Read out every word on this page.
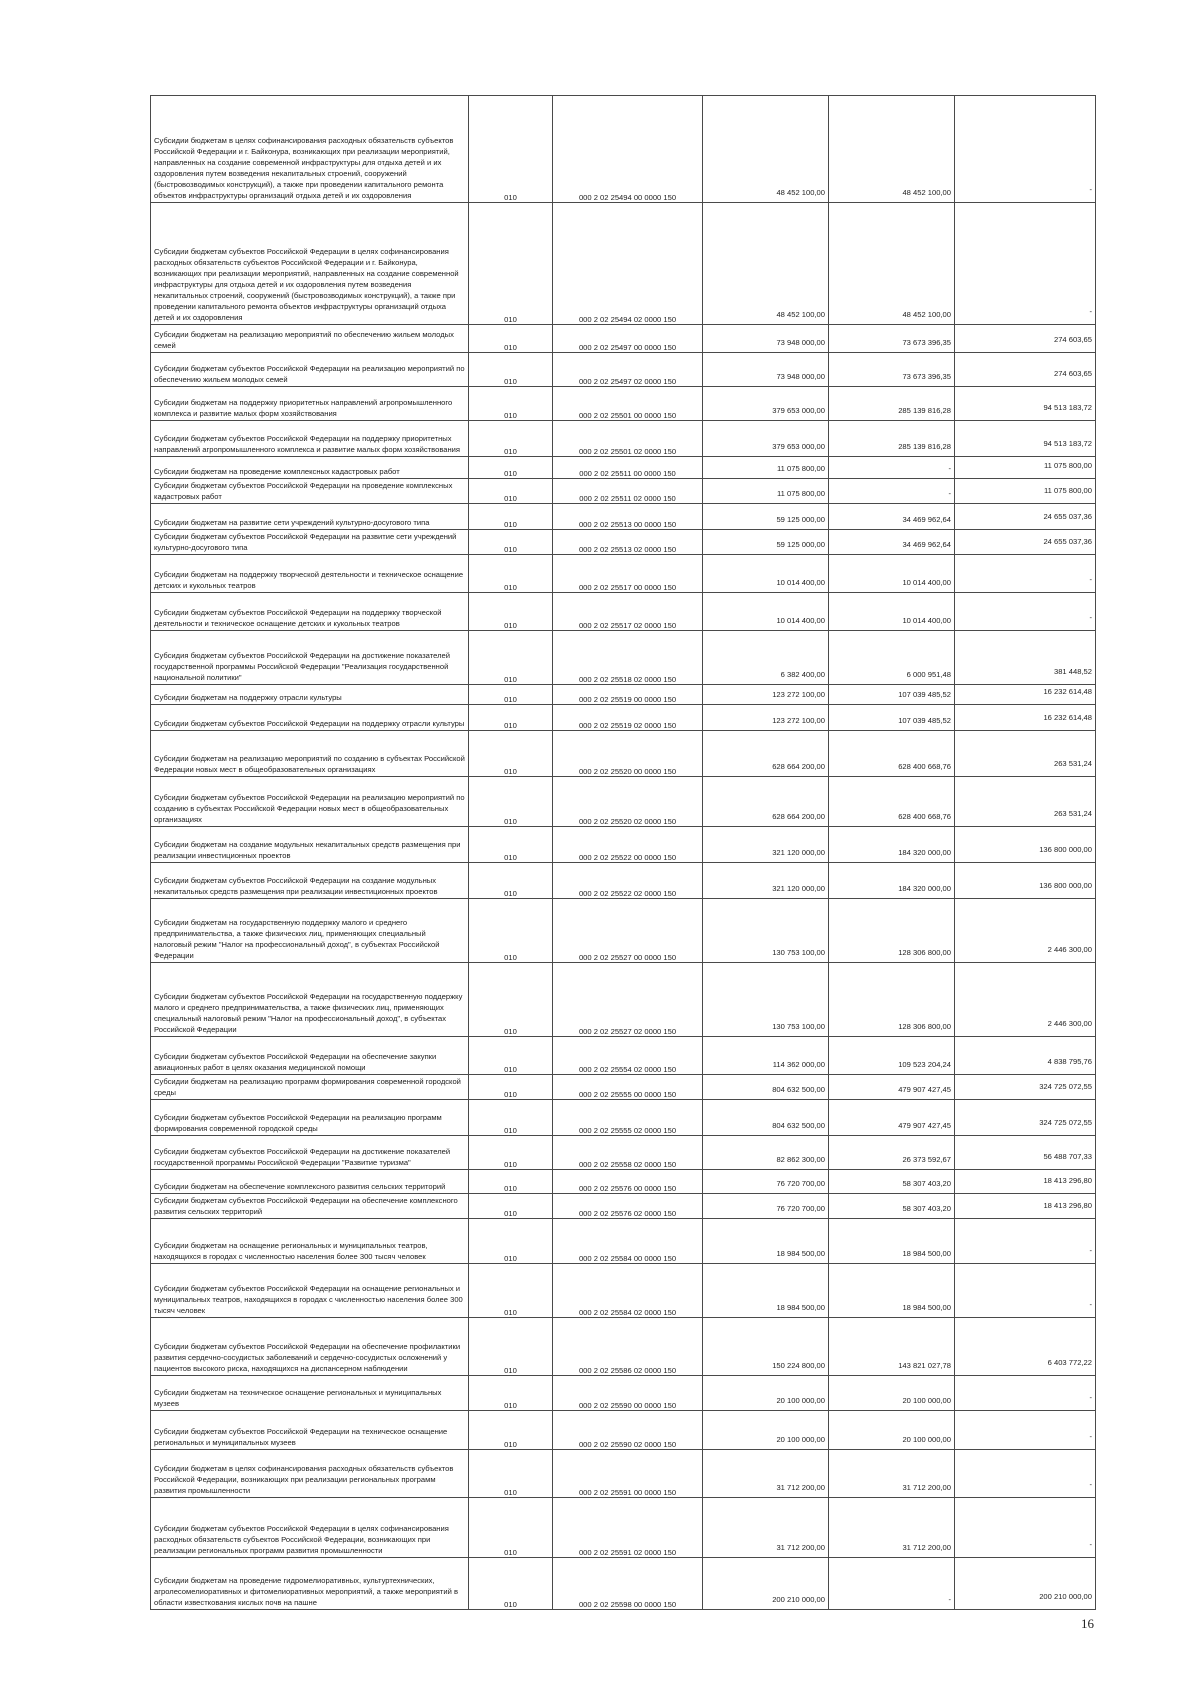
Субсидии бюджетам в целях софинансирования расходных обязательств субъектов Российской Федерации и г. Байконура, возникающих при реализации мероприятий, направленных на создание современной инфраструктуры для отдыха детей и их оздоровления путем возведения некапитальных строений, сооружений (быстровозводимых конструкций), а также при проведении капитального ремонта объектов инфраструктуры организаций отдыха детей и их оздоровления	010	000 2 02 25494 00 0000 150	48 452 100,00	48 452 100,00	-

Субсидии бюджетам субъектов Российской Федерации в целях софинансирования расходных обязательств субъектов Российской Федерации и г. Байконура, возникающих при реализации мероприятий, направленных на создание современной инфраструктуры для отдыха детей и их оздоровления путем возведения некапитальных строений, сооружений (быстровозводимых конструкций), а также при проведении капитального ремонта объектов инфраструктуры организаций отдыха детей и их оздоровления	010	000 2 02 25494 02 0000 150	48 452 100,00	48 452 100,00	-

Субсидии бюджетам на реализацию мероприятий по обеспечению жильем молодых семей	010	000 2 02 25497 00 0000 150	73 948 000,00	73 673 396,35	274 603,65

Субсидии бюджетам субъектов Российской Федерации на реализацию мероприятий по обеспечению жильем молодых семей	010	000 2 02 25497 02 0000 150	73 948 000,00	73 673 396,35	274 603,65

Субсидии бюджетам на поддержку приоритетных направлений агропромышленного комплекса и развитие малых форм хозяйствования	010	000 2 02 25501 00 0000 150	379 653 000,00	285 139 816,28	94 513 183,72

Субсидии бюджетам субъектов Российской Федерации на поддержку приоритетных направлений агропромышленного комплекса и развитие малых форм хозяйствования	010	000 2 02 25501 02 0000 150	379 653 000,00	285 139 816,28	94 513 183,72

Субсидии бюджетам на проведение комплексных кадастровых работ	010	000 2 02 25511 00 0000 150	11 075 800,00	-	11 075 800,00

Субсидии бюджетам субъектов Российской Федерации на проведение комплексных кадастровых работ	010	000 2 02 25511 02 0000 150	11 075 800,00	-	11 075 800,00

Субсидии бюджетам на развитие сети учреждений культурно-досугового типа	010	000 2 02 25513 00 0000 150	59 125 000,00	34 469 962,64	24 655 037,36

Субсидии бюджетам субъектов Российской Федерации на развитие сети учреждений культурно-досугового типа	010	000 2 02 25513 02 0000 150	59 125 000,00	34 469 962,64	24 655 037,36

Субсидии бюджетам на поддержку творческой деятельности и техническое оснащение детских и кукольных театров	010	000 2 02 25517 00 0000 150	10 014 400,00	10 014 400,00	-

Субсидии бюджетам субъектов Российской Федерации на поддержку творческой деятельности и техническое оснащение детских и кукольных театров	010	000 2 02 25517 02 0000 150	10 014 400,00	10 014 400,00	-

Субсидия бюджетам субъектов Российской Федерации на достижение показателей государственной программы Российской Федерации "Реализация государственной национальной политики"	010	000 2 02 25518 02 0000 150	6 382 400,00	6 000 951,48	381 448,52

Субсидии бюджетам на поддержку отрасли культуры	010	000 2 02 25519 00 0000 150	123 272 100,00	107 039 485,52	16 232 614,48

Субсидии бюджетам субъектов Российской Федерации на поддержку отрасли культуры	010	000 2 02 25519 02 0000 150	123 272 100,00	107 039 485,52	16 232 614,48

Субсидии бюджетам на реализацию мероприятий по созданию в субъектах Российской Федерации новых мест в общеобразовательных организациях	010	000 2 02 25520 00 0000 150	628 664 200,00	628 400 668,76	263 531,24

Субсидии бюджетам субъектов Российской Федерации на реализацию мероприятий по созданию в субъектах Российской Федерации новых мест в общеобразовательных организациях	010	000 2 02 25520 02 0000 150	628 664 200,00	628 400 668,76	263 531,24

Субсидии бюджетам на создание модульных некапитальных средств размещения при реализации инвестиционных проектов	010	000 2 02 25522 00 0000 150	321 120 000,00	184 320 000,00	136 800 000,00

Субсидии бюджетам субъектов Российской Федерации на создание модульных некапитальных средств размещения при реализации инвестиционных проектов	010	000 2 02 25522 02 0000 150	321 120 000,00	184 320 000,00	136 800 000,00

Субсидии бюджетам на государственную поддержку малого и среднего предпринимательства, а также физических лиц, применяющих специальный налоговый режим "Налог на профессиональный доход", в субъектах Российской Федерации	010	000 2 02 25527 00 0000 150	130 753 100,00	128 306 800,00	2 446 300,00

Субсидии бюджетам субъектов Российской Федерации на государственную поддержку малого и среднего предпринимательства, а также физических лиц, применяющих специальный налоговый режим "Налог на профессиональный доход", в субъектах Российской Федерации	010	000 2 02 25527 02 0000 150	130 753 100,00	128 306 800,00	2 446 300,00

Субсидии бюджетам субъектов Российской Федерации на обеспечение закупки авиационных работ в целях оказания медицинской помощи	010	000 2 02 25554 02 0000 150	114 362 000,00	109 523 204,24	4 838 795,76

Субсидии бюджетам на реализацию программ формирования современной городской среды	010	000 2 02 25555 00 0000 150	804 632 500,00	479 907 427,45	324 725 072,55

Субсидии бюджетам субъектов Российской Федерации на реализацию программ формирования современной городской среды	010	000 2 02 25555 02 0000 150	804 632 500,00	479 907 427,45	324 725 072,55

Субсидии бюджетам субъектов Российской Федерации на достижение показателей государственной программы Российской Федерации "Развитие туризма"	010	000 2 02 25558 02 0000 150	82 862 300,00	26 373 592,67	56 488 707,33

Субсидии бюджетам на обеспечение комплексного развития сельских территорий	010	000 2 02 25576 00 0000 150	76 720 700,00	58 307 403,20	18 413 296,80

Субсидии бюджетам субъектов Российской Федерации на обеспечение комплексного развития сельских территорий	010	000 2 02 25576 02 0000 150	76 720 700,00	58 307 403,20	18 413 296,80

Субсидии бюджетам на оснащение региональных и муниципальных театров, находящихся в городах с численностью населения более 300 тысяч человек	010	000 2 02 25584 00 0000 150	18 984 500,00	18 984 500,00	-

Субсидии бюджетам субъектов Российской Федерации на оснащение региональных и муниципальных театров, находящихся в городах с численностью населения более 300 тысяч человек	010	000 2 02 25584 02 0000 150	18 984 500,00	18 984 500,00	-

Субсидии бюджетам субъектов Российской Федерации на обеспечение профилактики развития сердечно-сосудистых заболеваний и сердечно-сосудистых осложнений у пациентов высокого риска, находящихся на диспансерном наблюдении	010	000 2 02 25586 02 0000 150	150 224 800,00	143 821 027,78	6 403 772,22

Субсидии бюджетам на техническое оснащение региональных и муниципальных музеев	010	000 2 02 25590 00 0000 150	20 100 000,00	20 100 000,00	-

Субсидии бюджетам субъектов Российской Федерации на техническое оснащение региональных и муниципальных музеев	010	000 2 02 25590 02 0000 150	20 100 000,00	20 100 000,00	-

Субсидии бюджетам в целях софинансирования расходных обязательств субъектов Российской Федерации, возникающих при реализации региональных программ развития промышленности	010	000 2 02 25591 00 0000 150	31 712 200,00	31 712 200,00	-

Субсидии бюджетам субъектов Российской Федерации в целях софинансирования расходных обязательств субъектов Российской Федерации, возникающих при реализации региональных программ развития промышленности	010	000 2 02 25591 02 0000 150	31 712 200,00	31 712 200,00	-

Субсидии бюджетам на проведение гидромелиоративных, культуртехнических, агролесомелиоративных и фитомелиоративных мероприятий, а также мероприятий в области известкования кислых почв на пашне	010	000 2 02 25598 00 0000 150	200 210 000,00	-	200 210 000,00
16
